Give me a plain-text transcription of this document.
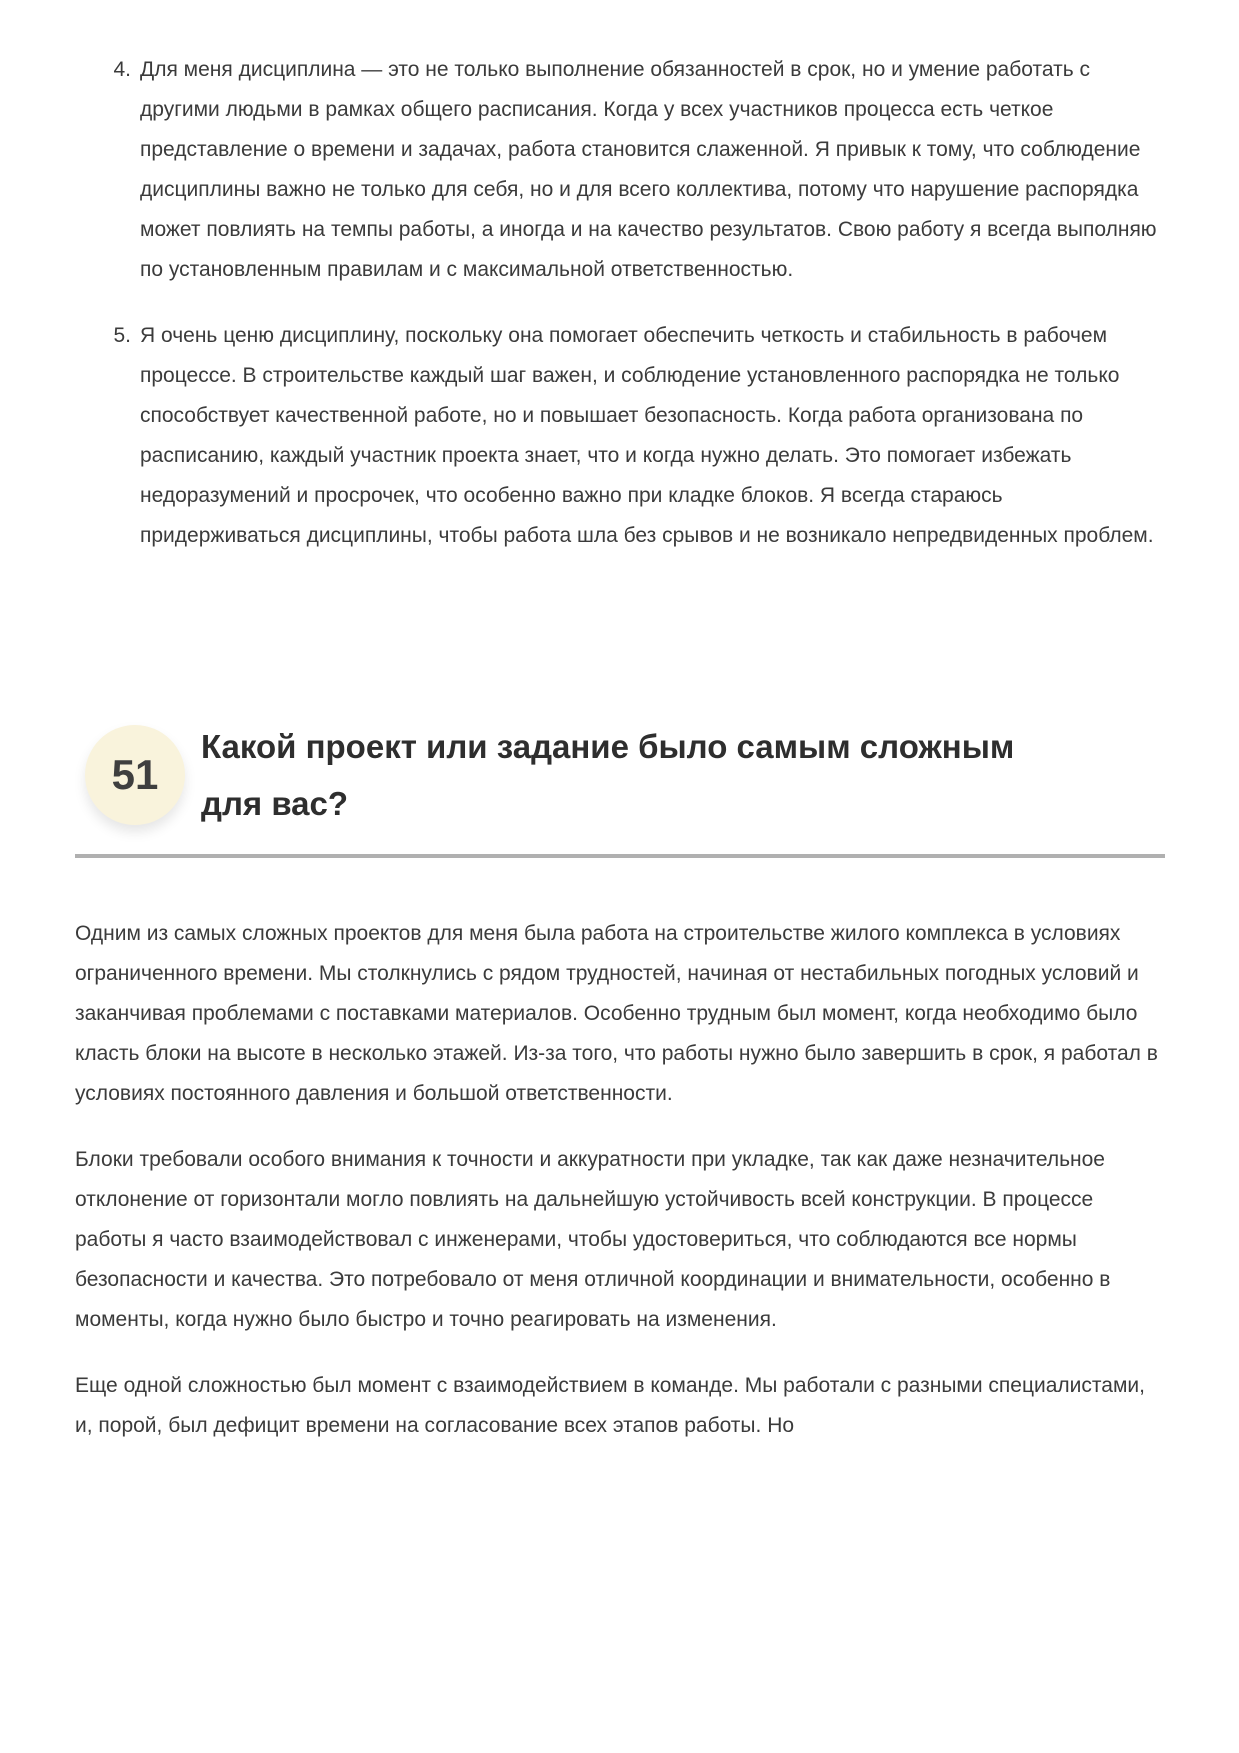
4. Для меня дисциплина — это не только выполнение обязанностей в срок, но и умение работать с другими людьми в рамках общего расписания. Когда у всех участников процесса есть четкое представление о времени и задачах, работа становится слаженной. Я привык к тому, что соблюдение дисциплины важно не только для себя, но и для всего коллектива, потому что нарушение распорядка может повлиять на темпы работы, а иногда и на качество результатов. Свою работу я всегда выполняю по установленным правилам и с максимальной ответственностью.
5. Я очень ценю дисциплину, поскольку она помогает обеспечить четкость и стабильность в рабочем процессе. В строительстве каждый шаг важен, и соблюдение установленного распорядка не только способствует качественной работе, но и повышает безопасность. Когда работа организована по расписанию, каждый участник проекта знает, что и когда нужно делать. Это помогает избежать недоразумений и просрочек, что особенно важно при кладке блоков. Я всегда стараюсь придерживаться дисциплины, чтобы работа шла без срывов и не возникало непредвиденных проблем.
51
Какой проект или задание было самым сложным для вас?

Одним из самых сложных проектов для меня была работа на строительстве жилого комплекса в условиях ограниченного времени. Мы столкнулись с рядом трудностей, начиная от нестабильных погодных условий и заканчивая проблемами с поставками материалов. Особенно трудным был момент, когда необходимо было класть блоки на высоте в несколько этажей. Из-за того, что работы нужно было завершить в срок, я работал в условиях постоянного давления и большой ответственности.

Блоки требовали особого внимания к точности и аккуратности при укладке, так как даже незначительное отклонение от горизонтали могло повлиять на дальнейшую устойчивость всей конструкции. В процессе работы я часто взаимодействовал с инженерами, чтобы удостовериться, что соблюдаются все нормы безопасности и качества. Это потребовало от меня отличной координации и внимательности, особенно в моменты, когда нужно было быстро и точно реагировать на изменения.

Еще одной сложностью был момент с взаимодействием в команде. Мы работали с разными специалистами, и, порой, был дефицит времени на согласование всех этапов работы. Но
